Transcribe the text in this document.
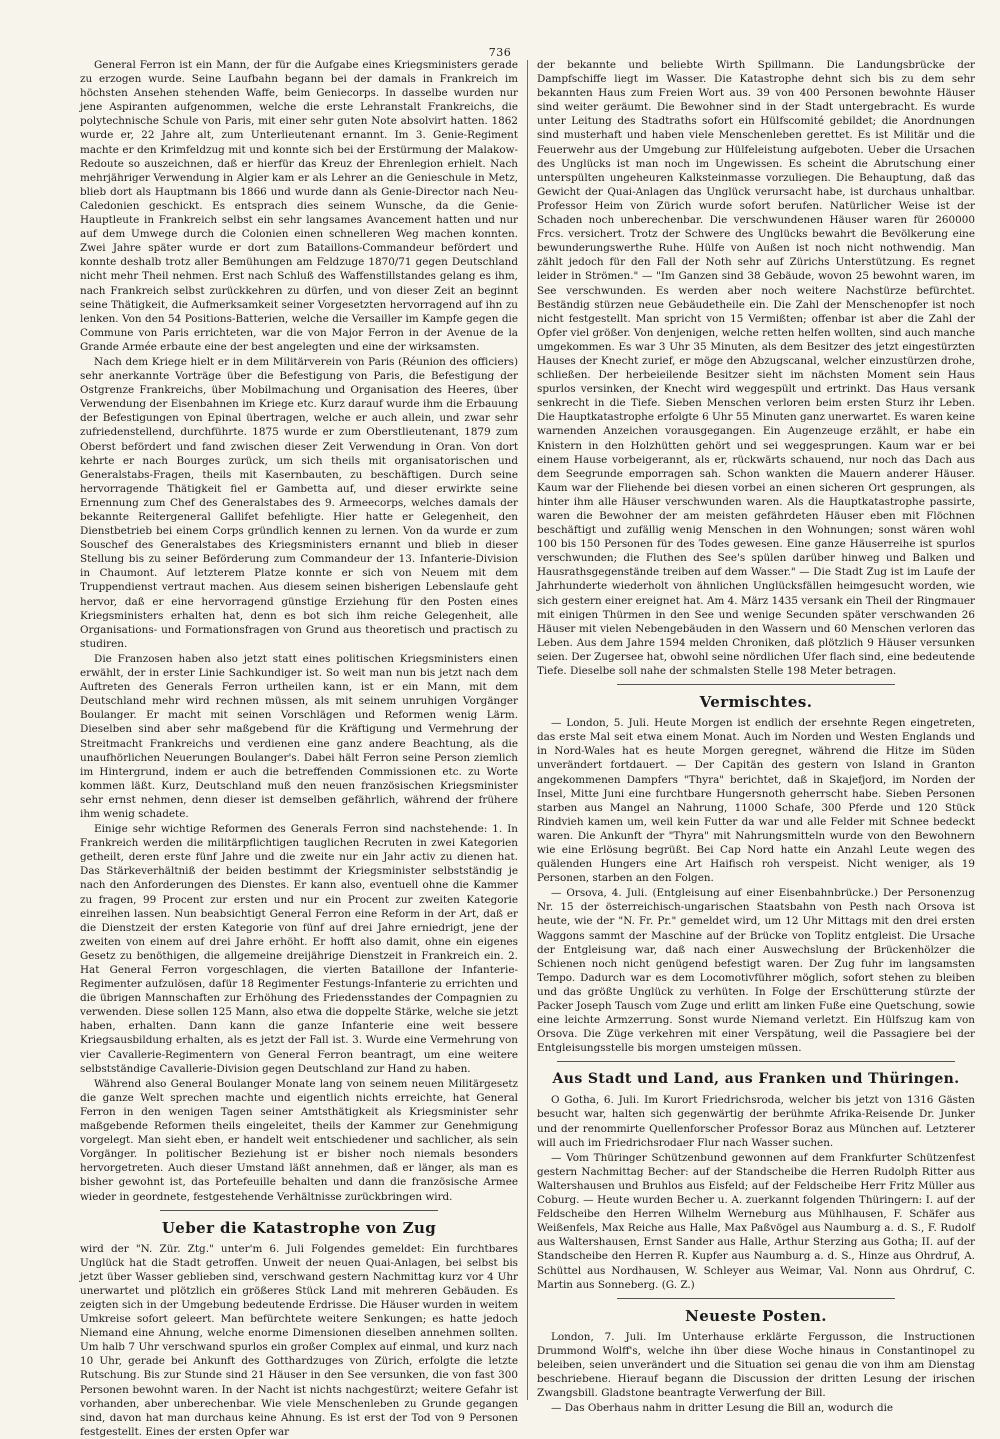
736

General Ferron ist ein Mann, der für die Aufgabe eines Kriegsministers gerade zu erzogen wurde. Seine Laufbahn begann bei der damals in Frankreich im höchsten Ansehen stehenden Waffe, beim Geniecorps. In dasselbe wurden nur jene Aspiranten aufgenommen, welche die erste Lehranstalt Frankreichs, die polytechnische Schule von Paris, mit einer sehr guten Note absolvirt hatten. 1862 wurde er, 22 Jahre alt, zum Unterlieutenant ernannt. Im 3. Genie-Regiment machte er den Krimfeldzug mit und konnte sich bei der Erstürmung der Malakow-Redoute so auszeichnen, daß er hierfür das Kreuz der Ehrenlegion erhielt. Nach mehrjähriger Verwendung in Algier kam er als Lehrer an die Genieschule in Metz, blieb dort als Hauptmann bis 1866 und wurde dann als Genie-Director nach Neu-Caledonien geschickt. Es entsprach dies seinem Wunsche, da die Genie-Hauptleute in Frankreich selbst ein sehr langsames Avancement hatten und nur auf dem Umwege durch die Colonien einen schnelleren Weg machen konnten. Zwei Jahre später wurde er dort zum Bataillons-Commandeur befördert und konnte deshalb trotz aller Bemühungen am Feldzuge 1870/71 gegen Deutschland nicht mehr Theil nehmen. Erst nach Schluß des Waffenstillstandes gelang es ihm, nach Frankreich selbst zurückkehren zu dürfen, und von dieser Zeit an beginnt seine Thätigkeit, die Aufmerksamkeit seiner Vorgesetzten hervorragend auf ihn zu lenken. Von den 54 Positions-Batterien, welche die Versailler im Kampfe gegen die Commune von Paris errichteten, war die von Major Ferron in der Avenue de la Grande Armée erbaute eine der best angelegten und eine der wirksamsten.

Nach dem Kriege hielt er in dem Militärverein von Paris (Réunion des officiers) sehr anerkannte Vorträge über die Befestigung von Paris, die Befestigung der Ostgrenze Frankreichs, über Mobilmachung und Organisation des Heeres, über Verwendung der Eisenbahnen im Kriege etc. Kurz darauf wurde ihm die Erbauung der Befestigungen von Epinal übertragen, welche er auch allein, und zwar sehr zufriedenstellend, durchführte. 1875 wurde er zum Oberstlieutenant, 1879 zum Oberst befördert und fand zwischen dieser Zeit Verwendung in Oran. Von dort kehrte er nach Bourges zurück, um sich theils mit organisatorischen und Generalstabs-Fragen, theils mit Kasernbauten, zu beschäftigen. Durch seine hervorragende Thätigkeit fiel er Gambetta auf, und dieser erwirkte seine Ernennung zum Chef des Generalstabes des 9. Armeecorps, welches damals der bekannte Reitergeneral Gallifet befehligte. Hier hatte er Gelegenheit, den Dienstbetrieb bei einem Corps gründlich kennen zu lernen. Von da wurde er zum Souschef des Generalstabes des Kriegsministers ernannt und blieb in dieser Stellung bis zu seiner Beförderung zum Commandeur der 13. Infanterie-Division in Chaumont. Auf letzterem Platze konnte er sich von Neuem mit dem Truppendienst vertraut machen. Aus diesem seinen bisherigen Lebenslaufe geht hervor, daß er eine hervorragend günstige Erziehung für den Posten eines Kriegsministers erhalten hat, denn es bot sich ihm reiche Gelegenheit, alle Organisations- und Formationsfragen von Grund aus theoretisch und practisch zu studiren.

Die Franzosen haben also jetzt statt eines politischen Kriegsministers einen erwählt, der in erster Linie Sachkundiger ist. So weit man nun bis jetzt nach dem Auftreten des Generals Ferron urtheilen kann, ist er ein Mann, mit dem Deutschland mehr wird rechnen müssen, als mit seinem unruhigen Vorgänger Boulanger. Er macht mit seinen Vorschlägen und Reformen wenig Lärm. Dieselben sind aber sehr maßgebend für die Kräftigung und Vermehrung der Streitmacht Frankreichs und verdienen eine ganz andere Beachtung, als die unaufhörlichen Neuerungen Boulanger's. Dabei hält Ferron seine Person ziemlich im Hintergrund, indem er auch die betreffenden Commissionen etc. zu Worte kommen läßt. Kurz, Deutschland muß den neuen französischen Kriegsminister sehr ernst nehmen, denn dieser ist demselben gefährlich, während der frühere ihm wenig schadete.

Einige sehr wichtige Reformen des Generals Ferron sind nachstehende: 1. In Frankreich werden die militärpflichtigen tauglichen Recruten in zwei Kategorien getheilt, deren erste fünf Jahre und die zweite nur ein Jahr activ zu dienen hat. Das Stärkeverhältniß der beiden bestimmt der Kriegsminister selbstständig je nach den Anforderungen des Dienstes. Er kann also, eventuell ohne die Kammer zu fragen, 99 Procent zur ersten und nur ein Procent zur zweiten Kategorie einreihen lassen. Nun beabsichtigt General Ferron eine Reform in der Art, daß er die Dienstzeit der ersten Kategorie von fünf auf drei Jahre erniedrigt, jene der zweiten von einem auf drei Jahre erhöht. Er hofft also damit, ohne ein eigenes Gesetz zu benöthigen, die allgemeine dreijährige Dienstzeit in Frankreich ein. 2. Hat General Ferron vorgeschlagen, die vierten Bataillone der Infanterie-Regimenter aufzulösen, dafür 18 Regimenter Festungs-Infanterie zu errichten und die übrigen Mannschaften zur Erhöhung des Friedensstandes der Compagnien zu verwenden. Diese sollen 125 Mann, also etwa die doppelte Stärke, welche sie jetzt haben, erhalten. Dann kann die ganze Infanterie eine weit bessere Kriegsausbildung erhalten, als es jetzt der Fall ist. 3. Wurde eine Vermehrung von vier Cavallerie-Regimentern von General Ferron beantragt, um eine weitere selbstständige Cavallerie-Division gegen Deutschland zur Hand zu haben.

Während also General Boulanger Monate lang von seinem neuen Militärgesetz die ganze Welt sprechen machte und eigentlich nichts erreichte, hat General Ferron in den wenigen Tagen seiner Amtsthätigkeit als Kriegsminister sehr maßgebende Reformen theils eingeleitet, theils der Kammer zur Genehmigung vorgelegt. Man sieht eben, er handelt weit entschiedener und sachlicher, als sein Vorgänger. In politischer Beziehung ist er bisher noch niemals besonders hervorgetreten. Auch dieser Umstand läßt annehmen, daß er länger, als man es bisher gewohnt ist, das Portefeuille behalten und dann die französische Armee wieder in geordnete, festgestehende Verhältnisse zurückbringen wird.

Ueber die Katastrophe von Zug

wird der "N. Zür. Ztg." unter'm 6. Juli Folgendes gemeldet: Ein furchtbares Unglück hat die Stadt getroffen. Unweit der neuen Quai-Anlagen, bei selbst bis jetzt über Wasser geblieben sind, verschwand gestern Nachmittag kurz vor 4 Uhr unerwartet und plötzlich ein größeres Stück Land mit mehreren Gebäuden. Es zeigten sich in der Umgebung bedeutende Erdrisse. Die Häuser wurden in weitem Umkreise sofort geleert. Man befürchtete weitere Senkungen; es hatte jedoch Niemand eine Ahnung, welche enorme Dimensionen dieselben annehmen sollten. Um halb 7 Uhr verschwand spurlos ein großer Complex auf einmal, und kurz nach 10 Uhr, gerade bei Ankunft des Gotthardzuges von Zürich, erfolgte die letzte Rutschung. Bis zur Stunde sind 21 Häuser in den See versunken, die von fast 300 Personen bewohnt waren. In der Nacht ist nichts nachgestürzt; weitere Gefahr ist vorhanden, aber unberechenbar. Wie viele Menschenleben zu Grunde gegangen sind, davon hat man durchaus keine Ahnung. Es ist erst der Tod von 9 Personen festgestellt. Eines der ersten Opfer war

der bekannte und beliebte Wirth Spillmann. Die Landungsbrücke der Dampfschiffe liegt im Wasser. Die Katastrophe dehnt sich bis zu dem sehr bekannten Haus zum Freien Wort aus. 39 von 400 Personen bewohnte Häuser sind weiter geräumt. Die Bewohner sind in der Stadt untergebracht. Es wurde unter Leitung des Stadtraths sofort ein Hülfscomité gebildet; die Anordnungen sind musterhaft und haben viele Menschenleben gerettet. Es ist Militär und die Feuerwehr aus der Umgebung zur Hülfeleistung aufgeboten. Ueber die Ursachen des Unglücks ist man noch im Ungewissen. Es scheint die Abrutschung einer unterspülten ungeheuren Kalksteinmasse vorzuliegen. Die Behauptung, daß das Gewicht der Quai-Anlagen das Unglück verursacht habe, ist durchaus unhaltbar. Professor Heim von Zürich wurde sofort berufen. Natürlicher Weise ist der Schaden noch unberechenbar. Die verschwundenen Häuser waren für 260000 Frcs. versichert. Trotz der Schwere des Unglücks bewahrt die Bevölkerung eine bewunderungswerthe Ruhe. Hülfe von Außen ist noch nicht nothwendig. Man zählt jedoch für den Fall der Noth sehr auf Zürichs Unterstützung. Es regnet leider in Strömen." — "Im Ganzen sind 38 Gebäude, wovon 25 bewohnt waren, im See verschwunden. Es werden aber noch weitere Nachstürze befürchtet. Beständig stürzen neue Gebäudetheile ein. Die Zahl der Menschenopfer ist noch nicht festgestellt. Man spricht von 15 Vermißten; offenbar ist aber die Zahl der Opfer viel größer. Von denjenigen, welche retten helfen wollten, sind auch manche umgekommen. Es war 3 Uhr 35 Minuten, als dem Besitzer des jetzt eingestürzten Hauses der Knecht zurief, er möge den Abzugscanal, welcher einzustürzen drohe, schließen. Der herbeieilende Besitzer sieht im nächsten Moment sein Haus spurlos versinken, der Knecht wird weggespült und ertrinkt. Das Haus versank senkrecht in die Tiefe. Sieben Menschen verloren beim ersten Sturz ihr Leben. Die Hauptkatastrophe erfolgte 6 Uhr 55 Minuten ganz unerwartet. Es waren keine warnenden Anzeichen vorausgegangen. Ein Augenzeuge erzählt, er habe ein Knistern in den Holzhütten gehört und sei weggesprungen. Kaum war er bei einem Hause vorbeigerannt, als er, rückwärts schauend, nur noch das Dach aus dem Seegrunde emporragen sah. Schon wankten die Mauern anderer Häuser. Kaum war der Fliehende bei diesen vorbei an einen sicheren Ort gesprungen, als hinter ihm alle Häuser verschwunden waren. Als die Hauptkatastrophe passirte, waren die Bewohner der am meisten gefährdeten Häuser eben mit Flöchnen beschäftigt und zufällig wenig Menschen in den Wohnungen; sonst wären wohl 100 bis 150 Personen für des Todes gewesen. Eine ganze Häuserreihe ist spurlos verschwunden; die Fluthen des See's spülen darüber hinweg und Balken und Hausrathsgegenstände treiben auf dem Wasser." — Die Stadt Zug ist im Laufe der Jahrhunderte wiederholt von ähnlichen Unglücksfällen heimgesucht worden, wie sich gestern einer ereignet hat. Am 4. März 1435 versank ein Theil der Ringmauer mit einigen Thürmen in den See und wenige Secunden später verschwanden 26 Häuser mit vielen Nebengebäuden in den Wassern und 60 Menschen verloren das Leben. Aus dem Jahre 1594 melden Chroniken, daß plötzlich 9 Häuser versunken seien. Der Zugersee hat, obwohl seine nördlichen Ufer flach sind, eine bedeutende Tiefe. Dieselbe soll nahe der schmalsten Stelle 198 Meter betragen.

Vermischtes.

— London, 5. Juli. Heute Morgen ist endlich der ersehnte Regen eingetreten, das erste Mal seit etwa einem Monat. Auch im Norden und Westen Englands und in Nord-Wales hat es heute Morgen geregnet, während die Hitze im Süden unverändert fortdauert. — Der Capitän des gestern von Island in Granton angekommenen Dampfers "Thyra" berichtet, daß in Skajefjord, im Norden der Insel, Mitte Juni eine furchtbare Hungersnoth geherrscht habe. Sieben Personen starben aus Mangel an Nahrung, 11000 Schafe, 300 Pferde und 120 Stück Rindvieh kamen um, weil kein Futter da war und alle Felder mit Schnee bedeckt waren. Die Ankunft der "Thyra" mit Nahrungsmitteln wurde von den Bewohnern wie eine Erlösung begrüßt. Bei Cap Nord hatte ein Anzahl Leute wegen des quälenden Hungers eine Art Haifisch roh verspeist. Nicht weniger, als 19 Personen, starben an den Folgen.

— Orsova, 4. Juli. (Entgleisung auf einer Eisenbahnbrücke.) Der Personenzug Nr. 15 der österreichisch-ungarischen Staatsbahn von Pesth nach Orsova ist heute, wie der "N. Fr. Pr." gemeldet wird, um 12 Uhr Mittags mit den drei ersten Waggons sammt der Maschine auf der Brücke von Toplitz entgleist. Die Ursache der Entgleisung war, daß nach einer Auswechslung der Brückenhölzer die Schienen noch nicht genügend befestigt waren. Der Zug fuhr im langsamsten Tempo. Dadurch war es dem Locomotivführer möglich, sofort stehen zu bleiben und das größte Unglück zu verhüten. In Folge der Erschütterung stürzte der Packer Joseph Tausch vom Zuge und erlitt am linken Fuße eine Quetschung, sowie eine leichte Armzerrung. Sonst wurde Niemand verletzt. Ein Hülfszug kam von Orsova. Die Züge verkehren mit einer Verspätung, weil die Passagiere bei der Entgleisungsstelle bis morgen umsteigen müssen.

Aus Stadt und Land, aus Franken und Thüringen.

O Gotha, 6. Juli. Im Kurort Friedrichsroda, welcher bis jetzt von 1316 Gästen besucht war, halten sich gegenwärtig der berühmte Afrika-Reisende Dr. Junker und der renommirte Quellenforscher Professor Boraz aus München auf. Letzterer will auch im Friedrichsrodaer Flur nach Wasser suchen.

— Vom Thüringer Schützenbund gewonnen auf dem Frankfurter Schützenfest gestern Nachmittag Becher: auf der Standscheibe die Herren Rudolph Ritter aus Waltershausen und Bruhlos aus Eisfeld; auf der Feldscheibe Herr Fritz Müller aus Coburg. — Heute wurden Becher u. A. zuerkannt folgenden Thüringern: I. auf der Feldscheibe den Herren Wilhelm Werneburg aus Mühlhausen, F. Schäfer aus Weißenfels, Max Reiche aus Halle, Max Paßvögel aus Naumburg a. d. S., F. Rudolf aus Waltershausen, Ernst Sander aus Halle, Arthur Sterzing aus Gotha; II. auf der Standscheibe den Herren R. Kupfer aus Naumburg a. d. S., Hinze aus Ohrdruf, A. Schüttel aus Nordhausen, W. Schleyer aus Weimar, Val. Nonn aus Ohrdruf, C. Martin aus Sonneberg. (G. Z.)

Neueste Posten.

London, 7. Juli. Im Unterhause erklärte Fergusson, die Instructionen Drummond Wolff's, welche ihn über diese Woche hinaus in Constantinopel zu beleiben, seien unverändert und die Situation sei genau die von ihm am Dienstag beschriebene. Hierauf begann die Discussion der dritten Lesung der irischen Zwangsbill. Gladstone beantragte Verwerfung der Bill.

— Das Oberhaus nahm in dritter Lesung die Bill an, wodurch die
